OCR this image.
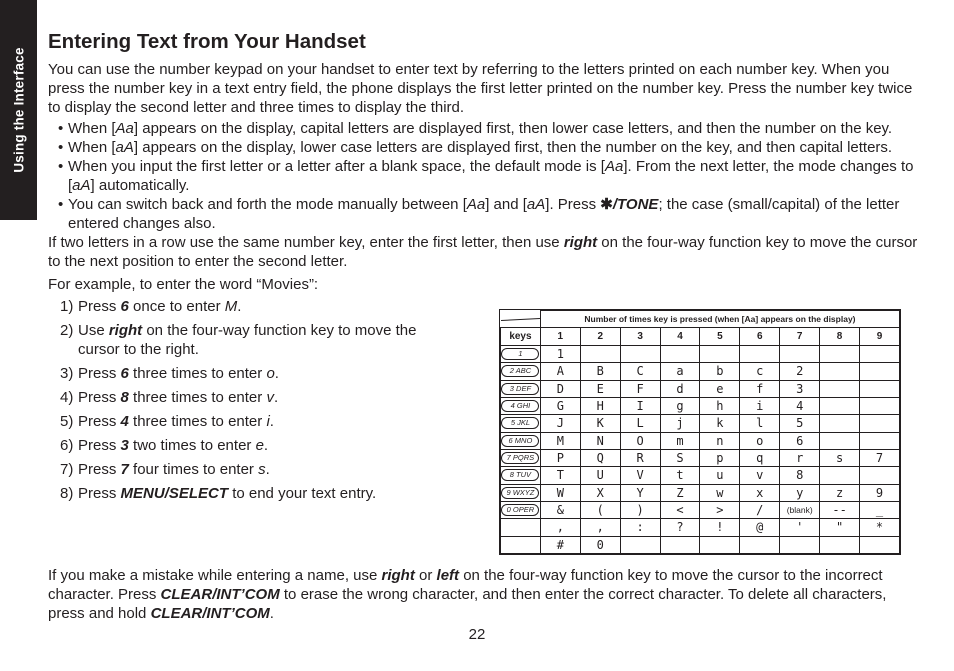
Using the Interface
Entering Text from Your Handset

You can use the number keypad on your handset to enter text by referring to the letters printed on each number key. When you press the number key in a text entry field, the phone displays the first letter printed on the number key. Press the number key twice to display the second letter and three times to display the third.

• When [Aa] appears on the display, capital letters are displayed first, then lower case letters, and then the number on the key.
• When [aA] appears on the display, lower case letters are displayed first, then the number on the key, and then capital letters.
• When you input the first letter or a letter after a blank space, the default mode is [Aa]. From the next letter, the mode changes to [aA] automatically.
• You can switch back and forth the mode manually between [Aa] and [aA]. Press ✱/TONE; the case (small/capital) of the letter entered changes also.

If two letters in a row use the same number key, enter the first letter, then use right on the four-way function key to move the cursor to the next position to enter the second letter.

For example, to enter the word “Movies”:

1) Press 6 once to enter M.
2) Use right on the four-way function key to move the cursor to the right.
3) Press 6 three times to enter o.
4) Press 8 three times to enter v.
5) Press 4 three times to enter i.
6) Press 3 two times to enter e.
7) Press 7 four times to enter s.
8) Press MENU/SELECT to end your text entry.
	Number of times key is pressed (when [Aa] appears on the display)								
keys	1	2	3	4	5	6	7	8	9
1	1								
2 ABC	A	B	C	a	b	c	2		
3 DEF	D	E	F	d	e	f	3		
4 GHI	G	H	I	g	h	i	4		
5 JKL	J	K	L	j	k	l	5		
6 MNO	M	N	O	m	n	o	6		
7 PQRS	P	Q	R	S	p	q	r	s	7
8 TUV	T	U	V	t	u	v	8		
9 WXYZ	W	X	Y	Z	w	x	y	z	9
0 OPER	&	(	)	<	>	/	(blank)	--	_
	,	,	:	?	!	@	'	"	*
	#	0							
If you make a mistake while entering a name, use right or left on the four-way function key to move the cursor to the incorrect character. Press CLEAR/INT’COM to erase the wrong character, and then enter the correct character. To delete all characters, press and hold CLEAR/INT’COM.
22
